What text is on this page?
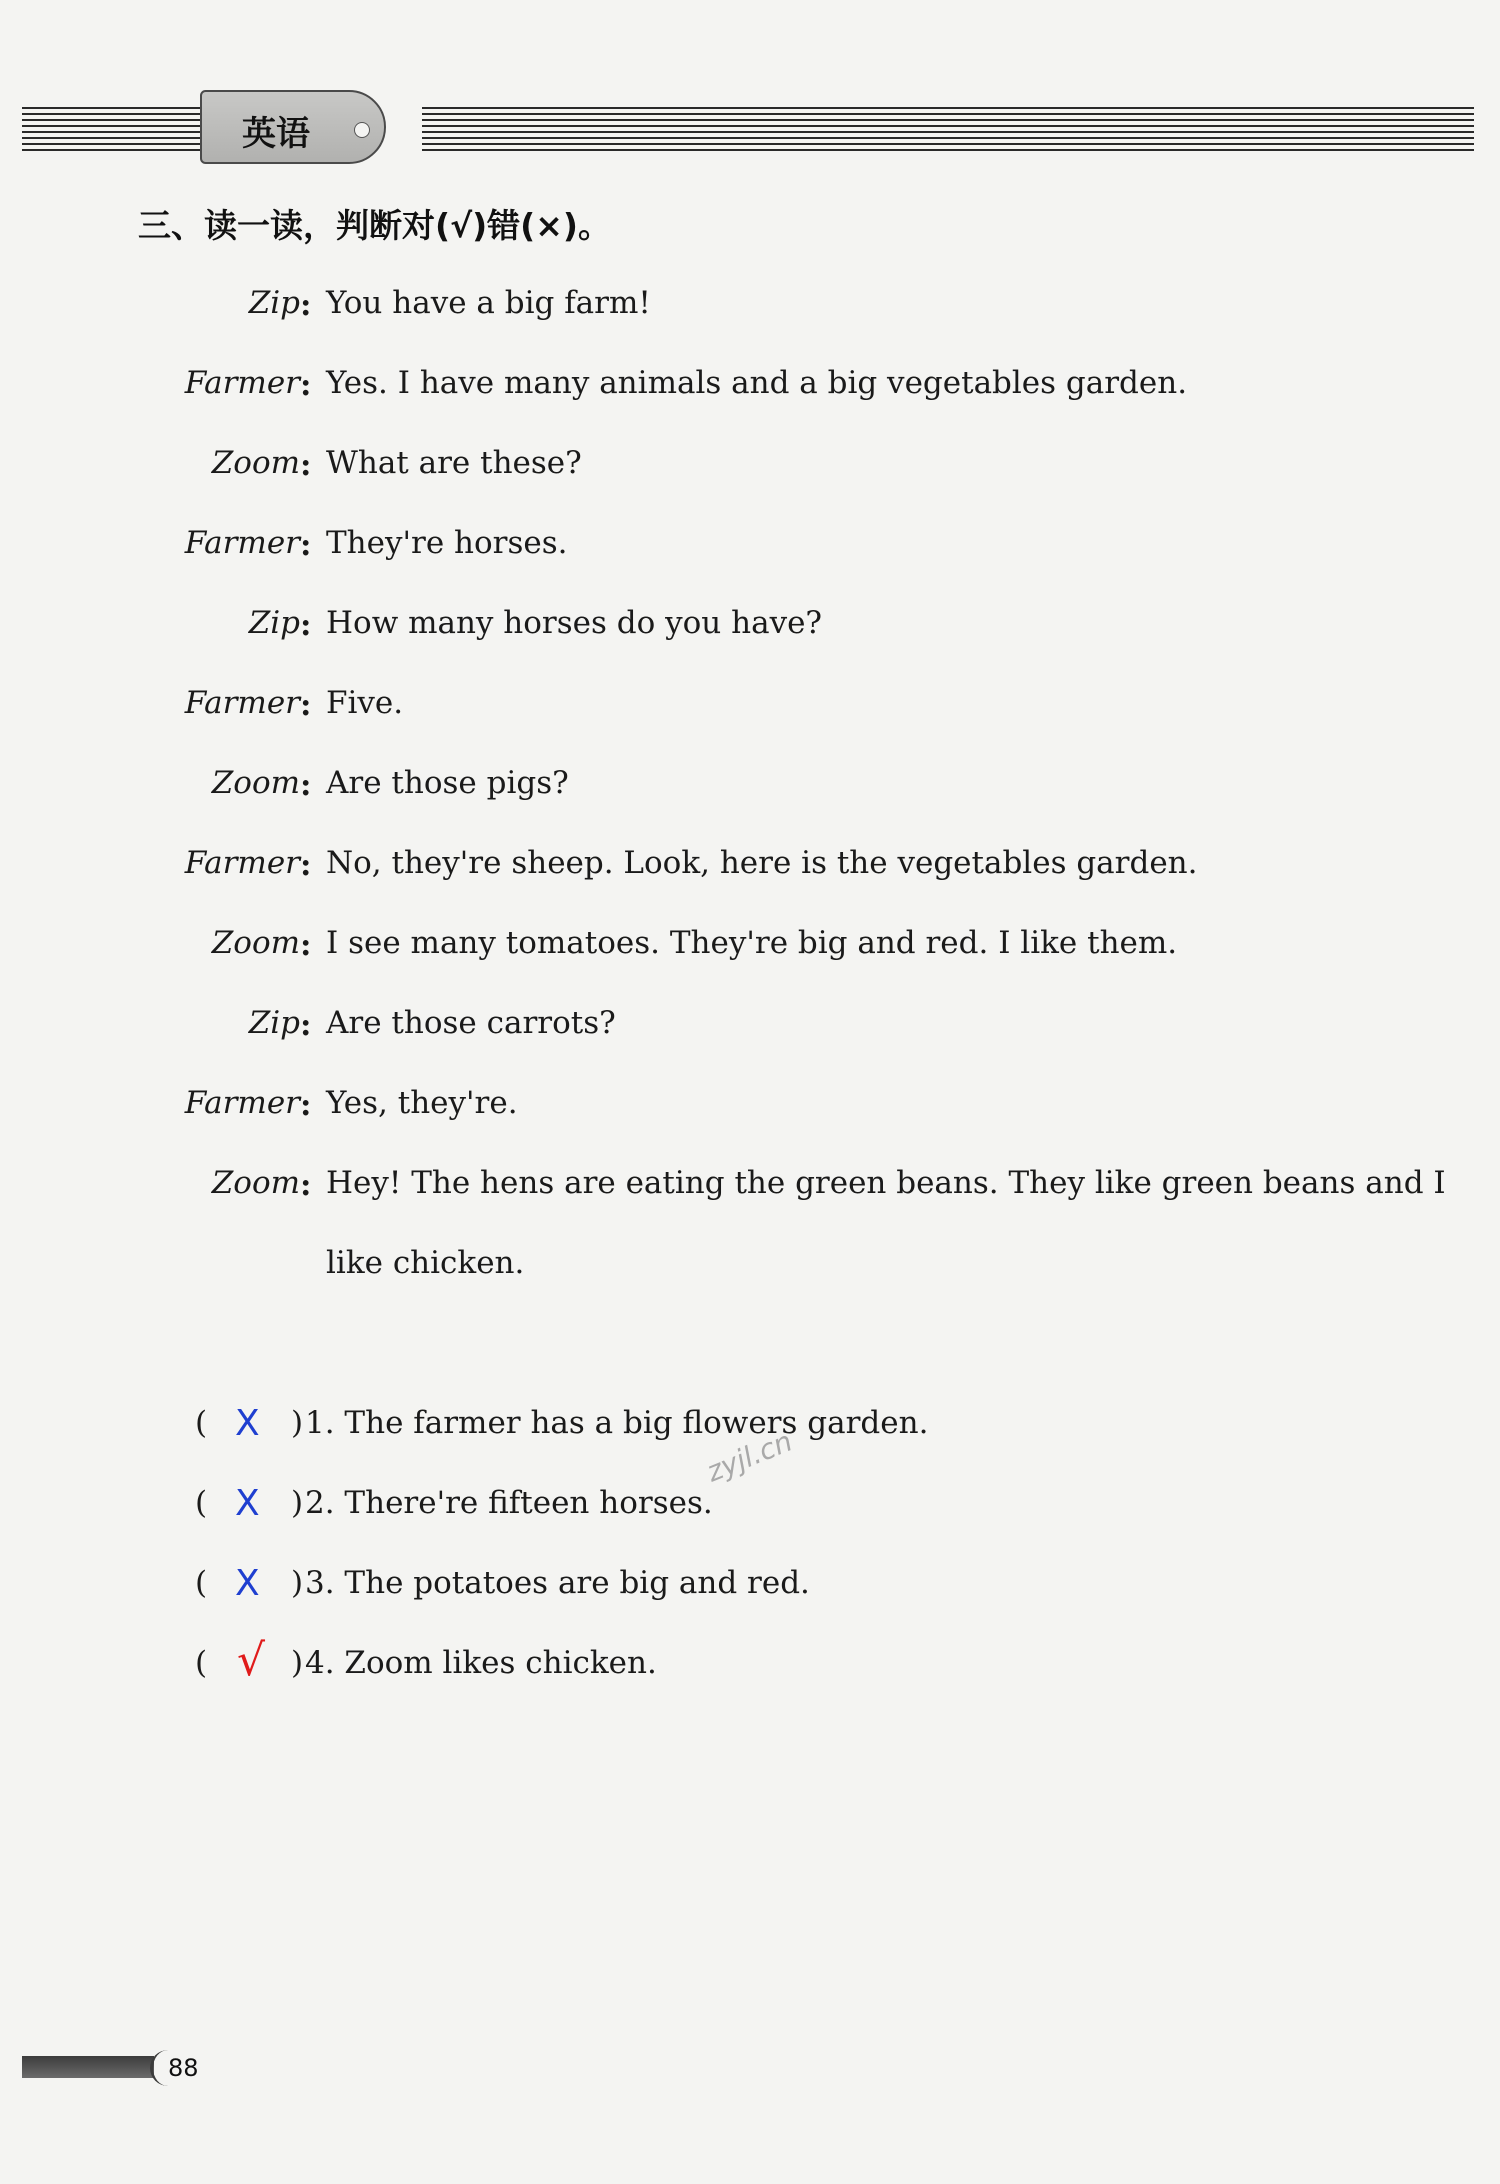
英语
三、读一读，判断对(√)错(×)。
Zip : You have a big farm!
Farmer : Yes. I have many animals and a big vegetables garden.
Zoom : What are these?
Farmer : They're horses.
Zip : How many horses do you have?
Farmer : Five.
Zoom : Are those pigs?
Farmer : No, they're sheep. Look, here is the vegetables garden.
Zoom : I see many tomatoes. They're big and red. I like them.
Zip : Are those carrots?
Farmer : Yes, they're.
Zoom : Hey! The hens are eating the green beans. They like green beans and I
like chicken.
( X ) 1. The farmer has a big flowers garden.
( X ) 2. There're fifteen horses.
( X ) 3. The potatoes are big and red.
( √ ) 4. Zoom likes chicken.
zyjl.cn
88
